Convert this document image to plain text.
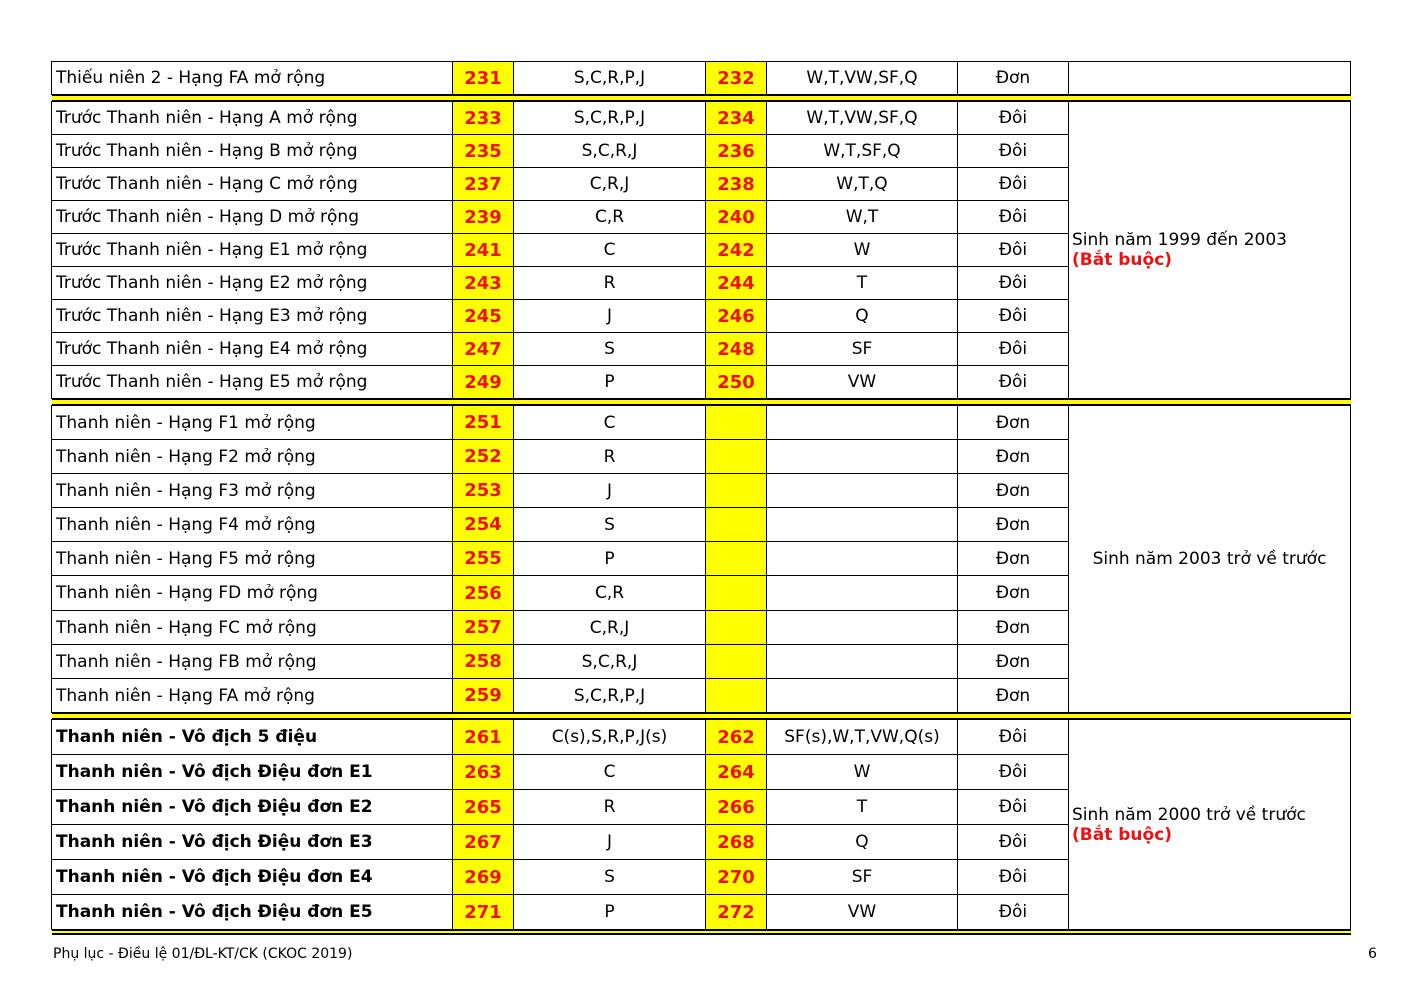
Thiếu niên 2 - Hạng FA mở rộng	231	S,C,R,P,J	232	W,T,VW,SF,Q	Đơn	

Trước Thanh niên - Hạng A mở rộng	233	S,C,R,P,J	234	W,T,VW,SF,Q	Đôi	Sinh năm 1999 đến 2003
(Bắt buộc)

Trước Thanh niên - Hạng B mở rộng	235	S,C,R,J	236	W,T,SF,Q	Đôi	
Trước Thanh niên - Hạng C mở rộng	237	C,R,J	238	W,T,Q	Đôi	
Trước Thanh niên - Hạng D mở rộng	239	C,R	240	W,T	Đôi	
Trước Thanh niên - Hạng E1 mở rộng	241	C	242	W	Đôi	
Trước Thanh niên - Hạng E2 mở rộng	243	R	244	T	Đôi	
Trước Thanh niên - Hạng E3 mở rộng	245	J	246	Q	Đôi	
Trước Thanh niên - Hạng E4 mở rộng	247	S	248	SF	Đôi	
Trước Thanh niên - Hạng E5 mở rộng	249	P	250	VW	Đôi	

Thanh niên - Hạng F1 mở rộng	251	C			Đơn	Sinh năm 2003 trở về trước
Thanh niên - Hạng F2 mở rộng	252	R			Đơn	
Thanh niên - Hạng F3 mở rộng	253	J			Đơn	
Thanh niên - Hạng F4 mở rộng	254	S			Đơn	
Thanh niên - Hạng F5 mở rộng	255	P			Đơn	
Thanh niên - Hạng FD mở rộng	256	C,R			Đơn	
Thanh niên - Hạng FC mở rộng	257	C,R,J			Đơn	
Thanh niên - Hạng FB mở rộng	258	S,C,R,J			Đơn	
Thanh niên - Hạng FA mở rộng	259	S,C,R,P,J			Đơn	

Thanh niên - Vô địch 5 điệu	261	C(s),S,R,P,J(s)	262	SF(s),W,T,VW,Q(s)	Đôi	Sinh năm 2000 trở về trước
(Bắt buộc)

Thanh niên - Vô địch Điệu đơn E1	263	C	264	W	Đôi	
Thanh niên - Vô địch Điệu đơn E2	265	R	266	T	Đôi	
Thanh niên - Vô địch Điệu đơn E3	267	J	268	Q	Đôi	
Thanh niên - Vô địch Điệu đơn E4	269	S	270	SF	Đôi	
Thanh niên - Vô địch Điệu đơn E5	271	P	272	VW	Đôi	

Phụ lục - Điều lệ 01/ĐL-KT/CK (CKOC 2019)	6
